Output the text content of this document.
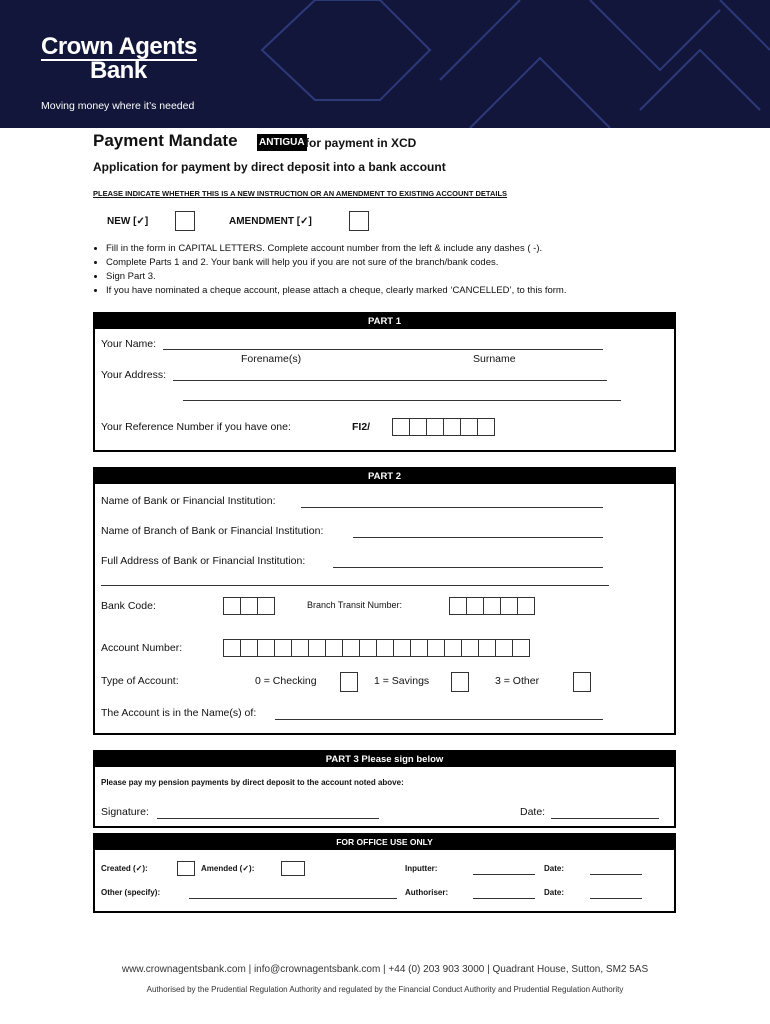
Crown Agents
Bank
Moving money where it’s needed
Payment Mandate ANTIGUA for payment in XCD
Application for payment by direct deposit into a bank account
PLEASE INDICATE WHETHER THIS IS A NEW INSTRUCTION OR AN AMENDMENT TO EXISTING ACCOUNT DETAILS
NEW [✓]	AMENDMENT [✓]
• Fill in the form in CAPITAL LETTERS. Complete account number from the left & include any dashes ( -).
• Complete Parts 1 and 2. Your bank will help you if you are not sure of the branch/bank codes.
• Sign Part 3.
• If you have nominated a cheque account, please attach a cheque, clearly marked ‘CANCELLED’, to this form.
PART 1
Your Name:
Forename(s)	Surname
Your Address:
Your Reference Number if you have one:	FI2/
PART 2
Name of Bank or Financial Institution:
Name of Branch of Bank or Financial Institution:
Full Address of Bank or Financial Institution:
Bank Code:	Branch Transit Number:
Account Number:
Type of Account:	0 = Checking	1 = Savings	3 = Other
The Account is in the Name(s) of:
PART 3 Please sign below
Please pay my pension payments by direct deposit to the account noted above:
Signature:	Date:
FOR OFFICE USE ONLY
Created (✓):	Amended (✓):	Inputter:	Date:
Other (specify):	Authoriser:	Date:
www.crownagentsbank.com | info@crownagentsbank.com | +44 (0) 203 903 3000 | Quadrant House, Sutton, SM2 5AS
Authorised by the Prudential Regulation Authority and regulated by the Financial Conduct Authority and Prudential Regulation Authority
